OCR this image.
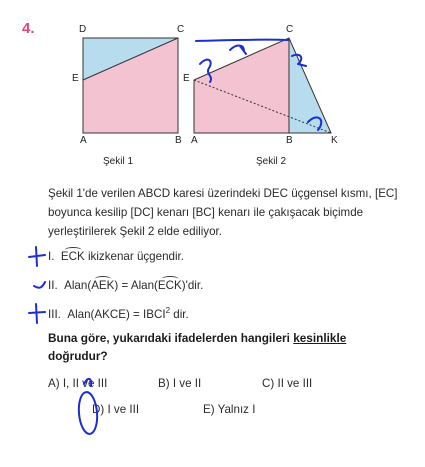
4.	D	C
E
A	B
Şekil 1
C
E
A	B	K
Şekil 2
Şekil 1'de verilen ABCD karesi üzerindeki DEC üçgensel kısmı, [EC] boyunca kesilip [DC] kenarı [BC] kenarı ile çakışacak biçimde yerleştirilerek Şekil 2 elde ediliyor.
I. ECK ikizkenar üçgendir.
II. Alan(AEK) = Alan(ECK)'dir.
III. Alan(AKCE) = $IBCI^2$ dir.
Buna göre, yukarıdaki ifadelerden hangileri kesinlikle
doğrudur?
A) I, II ve III	B) I ve II	C) II ve III
D) I ve III	E) Yalnız I
